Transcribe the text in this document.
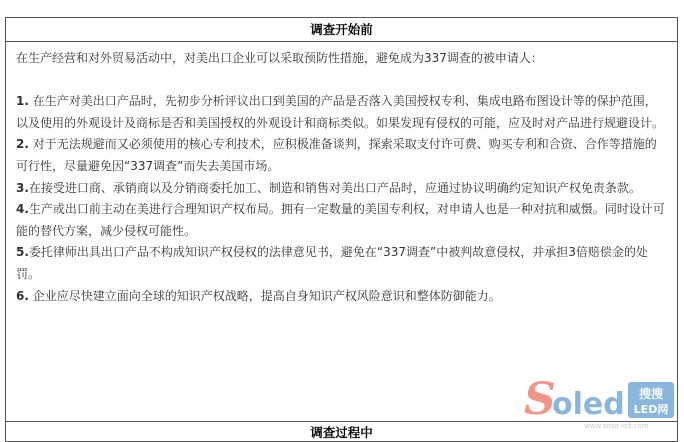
调查开始前

在生产经营和对外贸易活动中，对美出口企业可以采取预防性措施，避免成为337调查的被申请人：

1. 在生产对美出口产品时，先初步分析评议出口到美国的产品是否落入美国授权专利、集成电路布图设计等的保护范围，以及使用的外观设计及商标是否和美国授权的外观设计和商标类似。如果发现有侵权的可能，应及时对产品进行规避设计。

2. 对于无法规避而又必须使用的核心专利技术，应积极准备谈判，探索采取支付许可费、购买专利和合资、合作等措施的可行性，尽量避免因“337调查”而失去美国市场。

3.在接受进口商、承销商以及分销商委托加工、制造和销售对美出口产品时，应通过协议明确约定知识产权免责条款。

4.生产或出口前主动在美进行合理知识产权布局。拥有一定数量的美国专利权，对申请人也是一种对抗和威慑。同时设计可能的替代方案，减少侵权可能性。

5.委托律师出具出口产品不构成知识产权侵权的法律意见书，避免在“337调查”中被判故意侵权，并承担3倍赔偿金的处罚。

6. 企业应尽快建立面向全球的知识产权战略，提高自身知识产权风险意识和整体防御能力。

调查过程中
S
oled 搜搜
LED网
www.soso led.com
